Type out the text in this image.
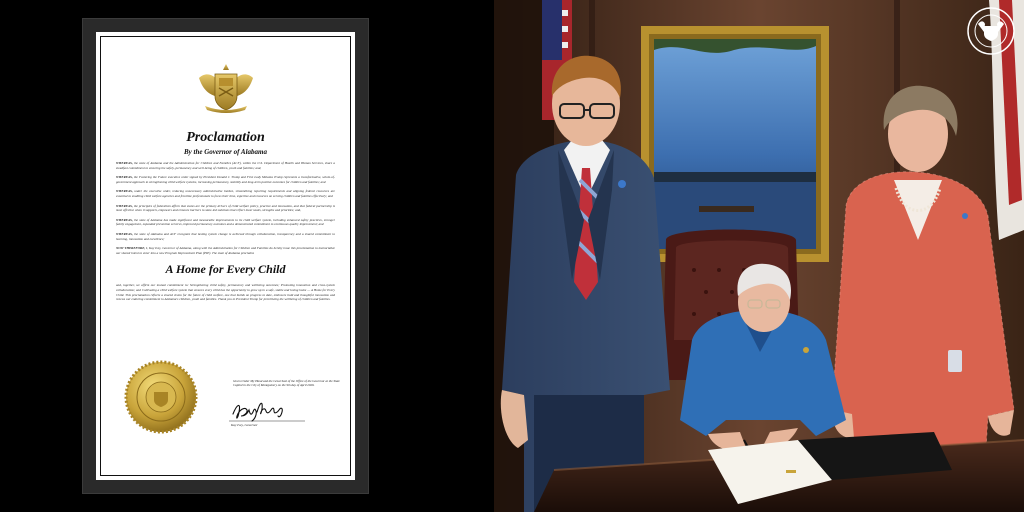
Proclamation
By the Governor of Alabama
WHEREAS, the state of Alabama and the Administration for Children and Families (ACF), within the U.S. Department of Health and Human Services, share a steadfast commitment to ensuring the safety, permanency and well-being of children, youth and families; and,
WHEREAS, the Fostering the Future executive order signed by President Donald J. Trump and First Lady Melania Trump represents a transformative, whole-of-government approach to strengthening child welfare systems, increasing permanency, stability and long-term positive outcomes for children and families; and
WHEREAS, under the executive order, reducing unnecessary administrative burden, streamlining reporting requirements and aligning federal resources are essential to enabling child welfare agencies and frontline professionals to focus their time, expertise and resources on serving children and families effectively; and
WHEREAS, the principles of federalism affirm that states are the primary drivers of child welfare policy, practice and innovation, and that federal partnership is most effective when it supports, empowers and removes barriers to state-led solutions that reflect local needs, strengths and priorities; and,
WHEREAS, the state of Alabama has made significant and measurable improvements to its child welfare system, including enhanced safety practices, stronger family engagement, expanded prevention services, improved permanency outcomes and a demonstrated commitment to continuous quality improvement; and
WHEREAS, the state of Alabama and ACF recognize that lasting system change is achieved through collaboration, transparency and a shared commitment to learning, innovation and excellence;
NOW THEREFORE, I, Kay Ivey, Governor of Alabama, along with the Administration for Children and Families do hereby issue this proclamation to memorialize our shared intent to enter into a new Program Improvement Plan (PIP). The state of Alabama proclaims
A Home for Every Child
and, together, we affirm our mutual commitment to: Strengthening child safety, permanency and wellbeing outcomes; Promoting innovation and cross-system collaboration; and Cultivating a child welfare system that ensures every child has the opportunity to grow up in a safe, stable and loving home — A Home for Every Child. This proclamation reflects a shared vision for the future of child welfare, one that builds on progress to date, embraces bold and thoughtful innovation and renews our enduring commitment to Alabama's children, youth and families. Thank you to President Trump for prioritizing the wellbeing of children and families.
Given Under My Hand and the Great Seal of the Office of the Governor at the State Capitol in the City of Montgomery on the 9th day of April 2026.
Kay Ivey, Governor
